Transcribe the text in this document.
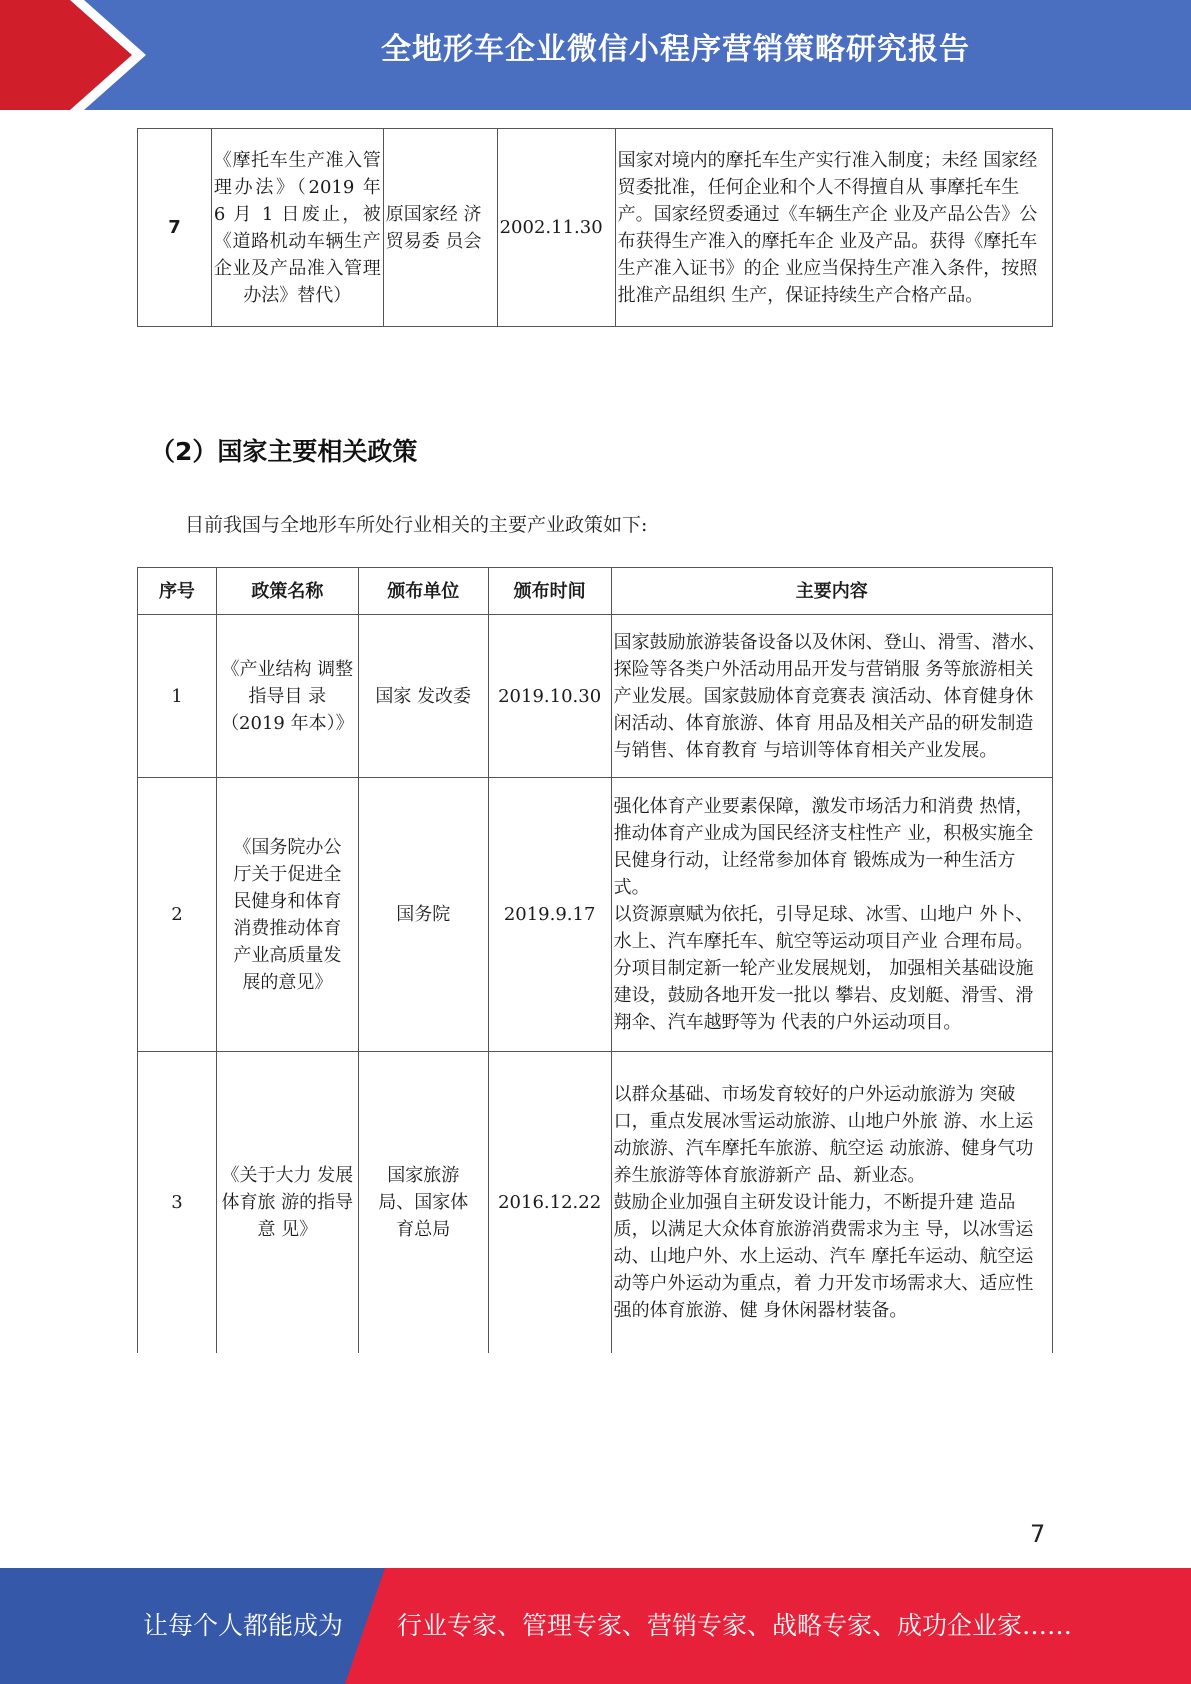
全地形车企业微信小程序营销策略研究报告
7	《摩托车生产准入管理办法》（2019 年 6 月 1 日废止，被《道路机动车辆生产企业及产品准入管理办法》替代）	原国家经 济贸易委 员会	2002.11.30	国家对境内的摩托车生产实行准入制度；未经 国家经贸委批准，任何企业和个人不得擅自从 事摩托车生产。国家经贸委通过《车辆生产企 业及产品公告》公布获得生产准入的摩托车企 业及产品。获得《摩托车生产准入证书》的企 业应当保持生产准入条件，按照批准产品组织 生产，保证持续生产合格产品。
（2）国家主要相关政策
目前我国与全地形车所处行业相关的主要产业政策如下:
序号	政策名称	颁布单位	颁布时间	主要内容
1	《产业结构 调整指导目 录（2019 年本）》	国家 发改委	2019.10.30	国家鼓励旅游装备设备以及休闲、登山、滑雪、潜水、探险等各类户外活动用品开发与营销服 务等旅游相关产业发展。国家鼓励体育竞赛表 演活动、体育健身休闲活动、体育旅游、体育 用品及相关产品的研发制造与销售、体育教育 与培训等体育相关产业发展。
2	《国务院办公厅关于促进全民健身和体育消费推动体育产业高质量发展的意见》	国务院	2019.9.17	强化体育产业要素保障，激发市场活力和消费 热情，推动体育产业成为国民经济支柱性产 业，积极实施全民健身行动，让经常参加体育 锻炼成为一种生活方式。
以资源禀赋为依托，引导足球、冰雪、山地户 外卜、水上、汽车摩托车、航空等运动项目产业 合理布局。分项目制定新一轮产业发展规划， 加强相关基础设施建设，鼓励各地开发一批以 攀岩、皮划艇、滑雪、滑翔伞、汽车越野等为 代表的户外运动项目。
3	《关于大力 发展体育旅 游的指导意 见》	国家旅游局、国家体育总局	2016.12.22	以群众基础、市场发育较好的户外运动旅游为 突破口，重点发展冰雪运动旅游、山地户外旅 游、水上运动旅游、汽车摩托车旅游、航空运 动旅游、健身气功养生旅游等体育旅游新产 品、新业态。
鼓励企业加强自主研发设计能力，不断提升建 造品质，以满足大众体育旅游消费需求为主 导，以冰雪运动、山地户外、水上运动、汽车 摩托车运动、航空运动等户外运动为重点，着 力开发市场需求大、适应性强的体育旅游、健 身休闲器材装备。
7
让每个人都能成为 行业专家、管理专家、营销专家、战略专家、成功企业家……
